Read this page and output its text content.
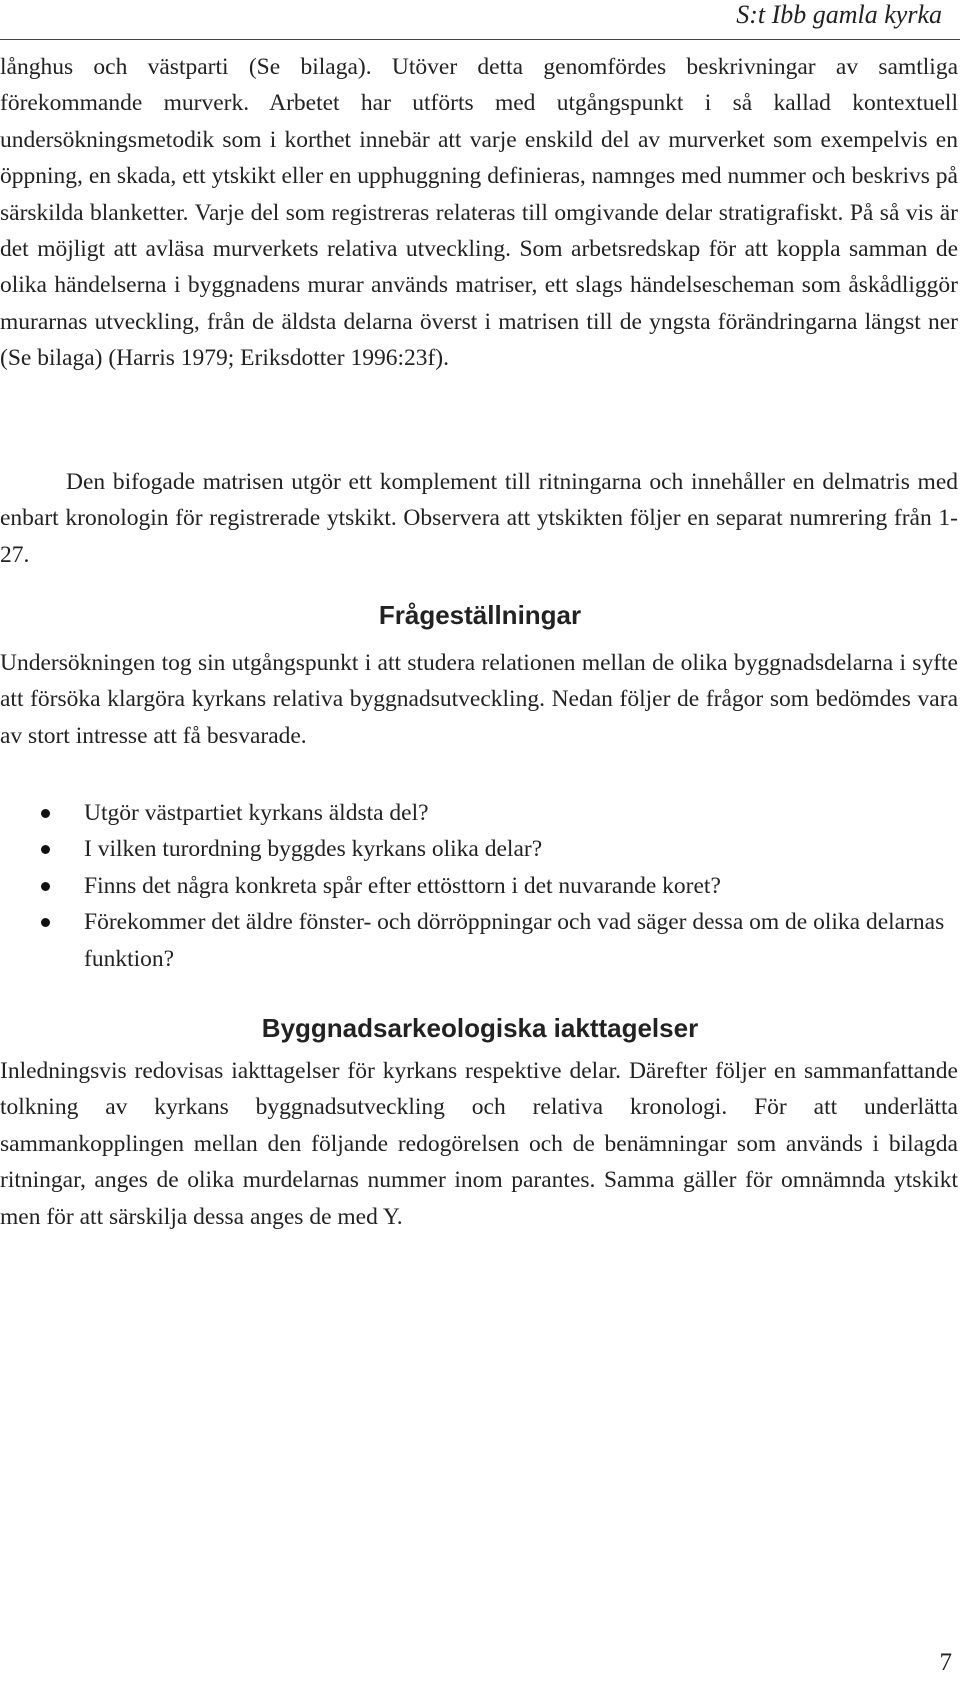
S:t Ibb gamla kyrka

långhus och västparti (Se bilaga). Utöver detta genomfördes beskrivningar av samtliga förekommande murverk. Arbetet har utförts med utgångspunkt i så kallad kontextuell undersökningsmetodik som i korthet innebär att varje enskild del av murverket som exempelvis en öppning, en skada, ett ytskikt eller en upphuggning definieras, namnges med nummer och beskrivs på särskilda blanketter. Varje del som registreras relateras till omgivande delar stratigrafiskt. På så vis är det möjligt att avläsa murverkets relativa utveckling. Som arbetsredskap för att koppla samman de olika händelserna i byggnadens murar används matriser, ett slags händelsescheman som åskådliggör murarnas utveckling, från de äldsta delarna överst i matrisen till de yngsta förändringarna längst ner (Se bilaga) (Harris 1979; Eriksdotter 1996:23f).

Den bifogade matrisen utgör ett komplement till ritningarna och innehåller en delmatris med enbart kronologin för registrerade ytskikt. Observera att ytskikten följer en separat numrering från 1-27.

Frågeställningar

Undersökningen tog sin utgångspunkt i att studera relationen mellan de olika byggnadsdelarna i syfte att försöka klargöra kyrkans relativa byggnadsutveckling. Nedan följer de frågor som bedömdes vara av stort intresse att få besvarade.

Utgör västpartiet kyrkans äldsta del?
I vilken turordning byggdes kyrkans olika delar?
Finns det några konkreta spår efter ettösttorn i det nuvarande koret?
Förekommer det äldre fönster- och dörröppningar och vad säger dessa om de olika delarnas funktion?
Byggnadsarkeologiska iakttagelser

Inledningsvis redovisas iakttagelser för kyrkans respektive delar. Därefter följer en sammanfattande tolkning av kyrkans byggnadsutveckling och relativa kronologi. För att underlätta sammankopplingen mellan den följande redogörelsen och de benämningar som används i bilagda ritningar, anges de olika murdelarnas nummer inom parantes. Samma gäller för omnämnda ytskikt men för att särskilja dessa anges de med Y.

7
